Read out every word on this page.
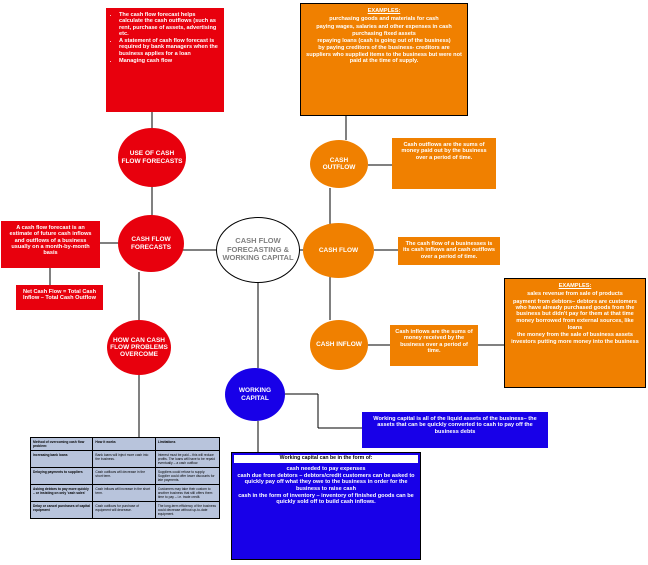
• The cash flow forecast helps calculate the cash outflows (such as rent, purchase of assets, advertising etc.
• A statement of cash flow forecast is required by bank managers when the business applies for a loan
• Managing cash flow
USE OF CASH FLOW FORECASTS
CASH FLOW FORECASTS
A cash flow forecast is an estimate of future cash inflows and outflows of a business usually on a month-by-month basis
Net Cash Flow = Total Cash Inflow – Total Cash Outflow
HOW CAN CASH FLOW PROBLEMS OVERCOME
CASH FLOW FORECASTING & WORKING CAPITAL
EXAMPLES:
purchasing goods and materials for cash
paying wages, salaries and other expenses in cash
purchasing fixed assets
repaying loans (cash is going out of the business)
by paying creditors of the business- creditors are suppliers who supplied items to the business but were not paid at the time of supply.
CASH OUTFLOW
Cash outflows are the sums of money paid out by the business over a period of time.
CASH FLOW
The cash flow of a businesses is its cash inflows and cash outflows over a period of time.
CASH INFLOW
Cash inflows are the sums of money received by the business over a period of time.
EXAMPLES:
sales revenue from sale of products
payment from debtors– debtors are customers who have already purchased goods from the business but didn't pay for them at that time
money borrowed from external sources, like loans
the money from the sale of business assets
investors putting more money into the business
WORKING CAPITAL
Working capital is all of the liquid assets of the business– the assets that can be quickly converted to cash to pay off the business debts
Working capital can be in the form of:
cash needed to pay expenses
cash due from debtors – debtors/credit customers can be asked to quickly pay off what they owe to the business in order for the business to raise cash
cash in the form of inventory – inventory of finished goods can be quickly sold off to build cash inflows.
Method of overcoming cash flow problem:	How it works	Limitations
Increasing bank loans	Bank loans will inject more cash into the business.	Interest must be paid – this will reduce profits. The loans will have to be repaid eventually – a cash outflow.
Delaying payments to suppliers	Cash outflows will decrease in the short term.	Suppliers could refuse to supply. Supplier could offer lower discounts for late payments.
Asking debtors to pay more quickly – or insisting on only 'cash sales'	Cash inflows will increase in the short term.	Customers may take their custom to another business that still offers them time to pay – i.e. trade credit.
Delay or cancel purchases of capital equipment	Cash outflows for purchase of equipment will decrease.	The long-term efficiency of the business could decrease without up-to-date equipment.
